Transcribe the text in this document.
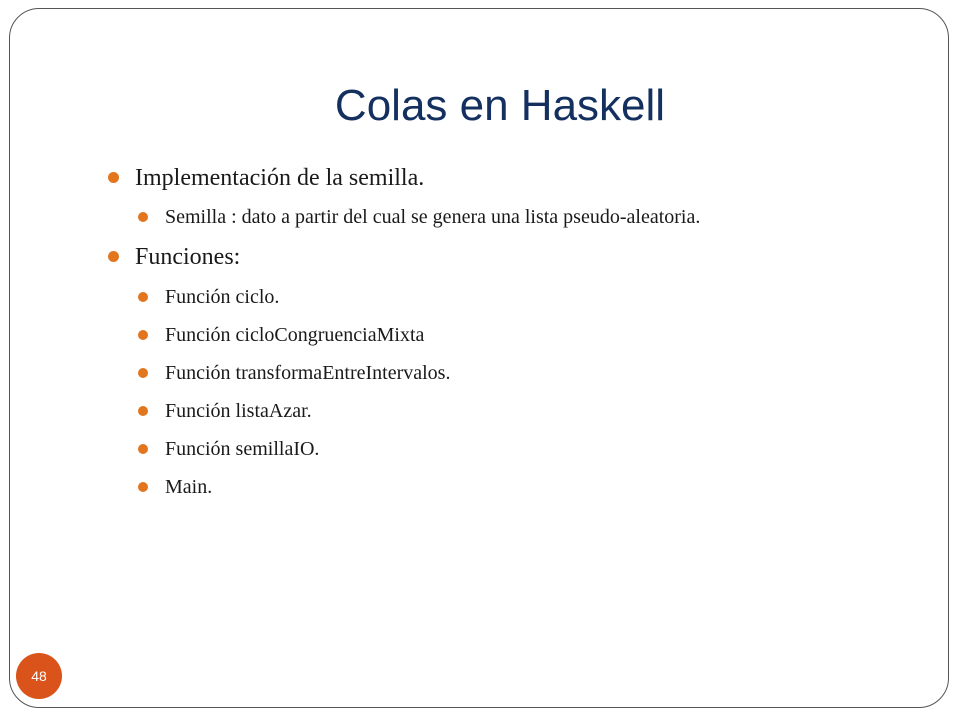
Colas en Haskell
Implementación de la semilla.
Semilla : dato a partir del cual se genera una lista pseudo-aleatoria.
Funciones:
Función ciclo.
Función cicloCongruenciaMixta
Función transformaEntreIntervalos.
Función listaAzar.
Función semillaIO.
Main.
48
